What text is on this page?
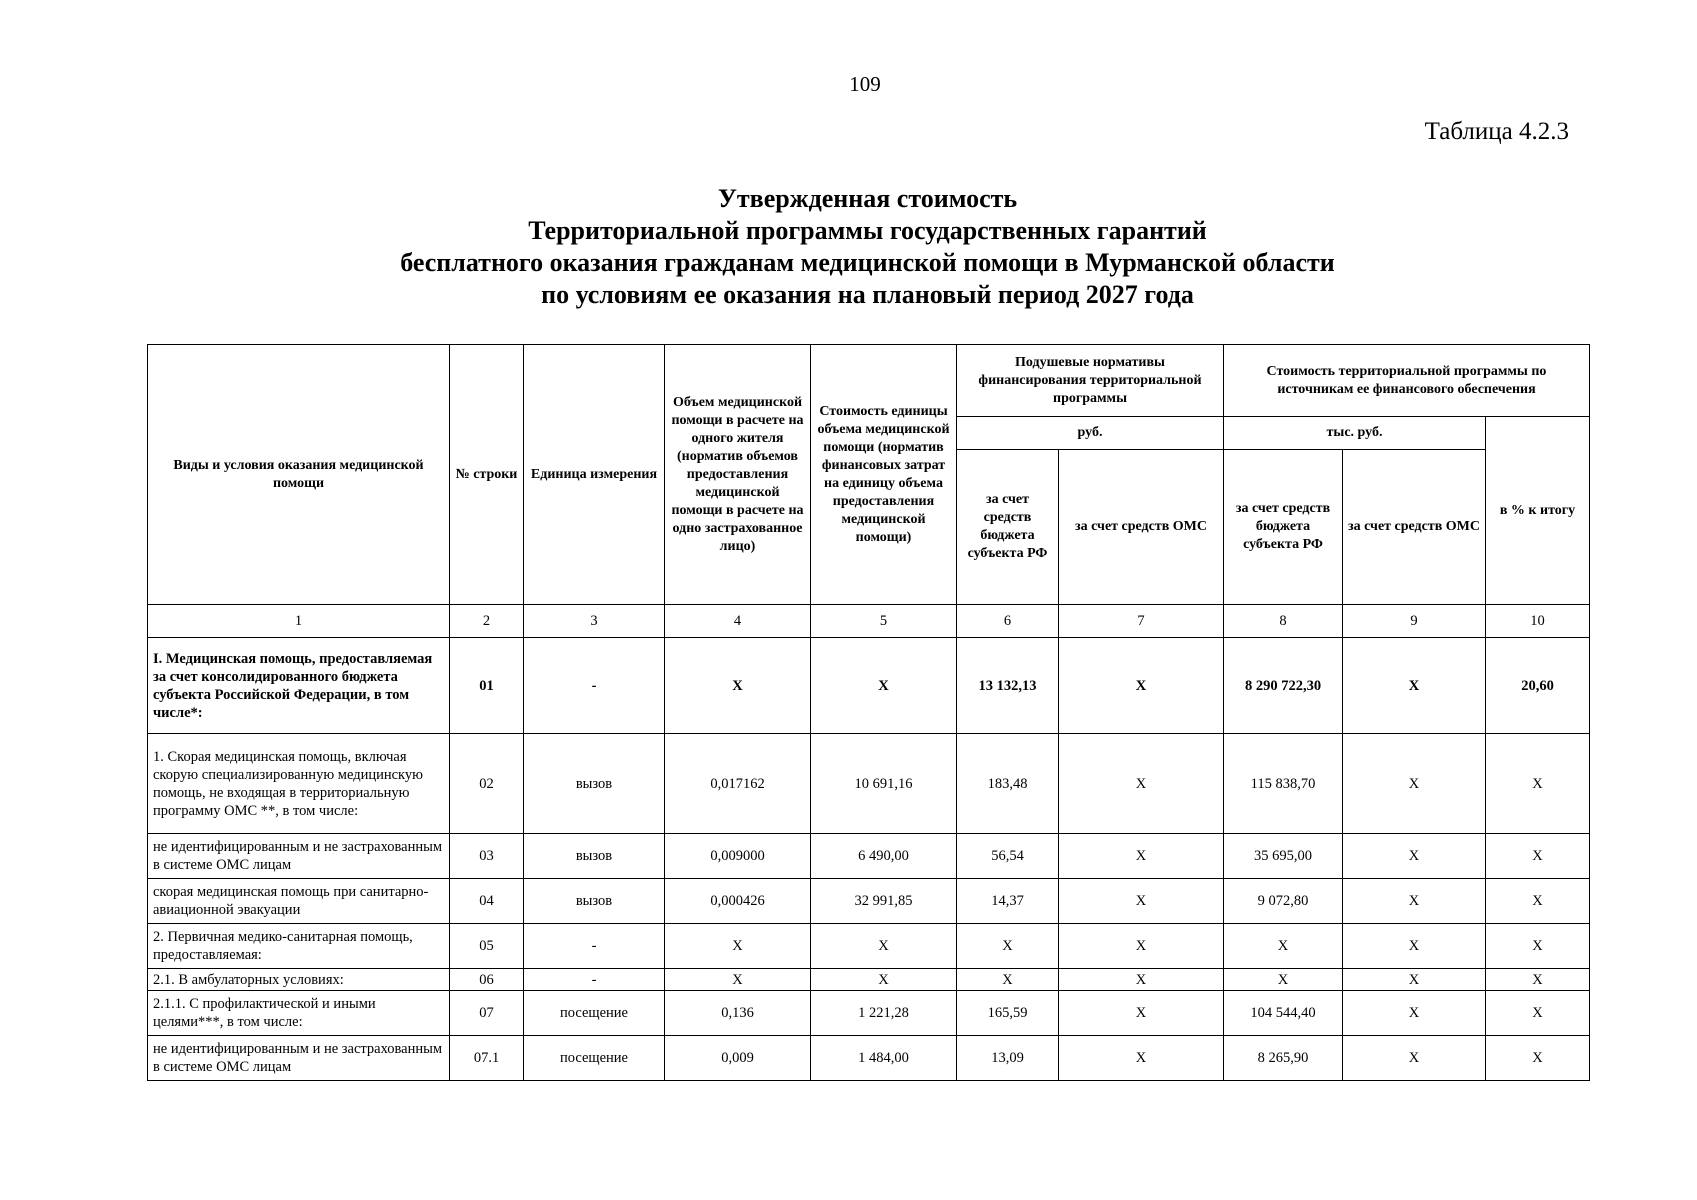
109
Таблица 4.2.3
Утвержденная стоимость
Территориальной программы государственных гарантий
бесплатного оказания гражданам медицинской помощи в Мурманской области
по условиям ее оказания на плановый период 2027 года
Виды и условия оказания медицинской помощи	№ строки	Единица измерения	Объем медицинской помощи в расчете на одного жителя (норматив объемов предоставления медицинской помощи в расчете на одно застрахованное лицо)	Стоимость единицы объема медицинской помощи (норматив финансовых затрат на единицу объема предоставления медицинской помощи)	Подушевые нормативы финансирования территориальной программы		Стоимость территориальной программы по источникам ее финансового обеспечения		
					руб.		тыс. руб.		в % к итогу
					за счет средств бюджета субъекта РФ	за счет средств ОМС	за счет средств бюджета субъекта РФ	за счет средств ОМС	
1	2	3	4	5	6	7	8	9	10
I. Медицинская помощь, предоставляемая за счет консолидированного бюджета субъекта Российской Федерации, в том числе*:	01	-	Х	Х	13 132,13	Х	8 290 722,30	Х	20,60
1. Скорая медицинская помощь, включая скорую специализированную медицинскую помощь, не входящая в территориальную программу ОМС **, в том числе:	02	вызов	0,017162	10 691,16	183,48	Х	115 838,70	Х	Х
не идентифицированным и не застрахованным в системе ОМС лицам	03	вызов	0,009000	6 490,00	56,54	Х	35 695,00	Х	Х
скорая медицинская помощь при санитарно-авиационной эвакуации	04	вызов	0,000426	32 991,85	14,37	Х	9 072,80	Х	Х
2. Первичная медико-санитарная помощь, предоставляемая:	05	-	Х	Х	Х	Х	Х	Х	Х
2.1. В амбулаторных условиях:	06	-	Х	Х	Х	Х	Х	Х	Х
2.1.1. С профилактической и иными целями***, в том числе:	07	посещение	0,136	1 221,28	165,59	Х	104 544,40	Х	Х
не идентифицированным и не застрахованным в системе ОМС лицам	07.1	посещение	0,009	1 484,00	13,09	Х	8 265,90	Х	Х
